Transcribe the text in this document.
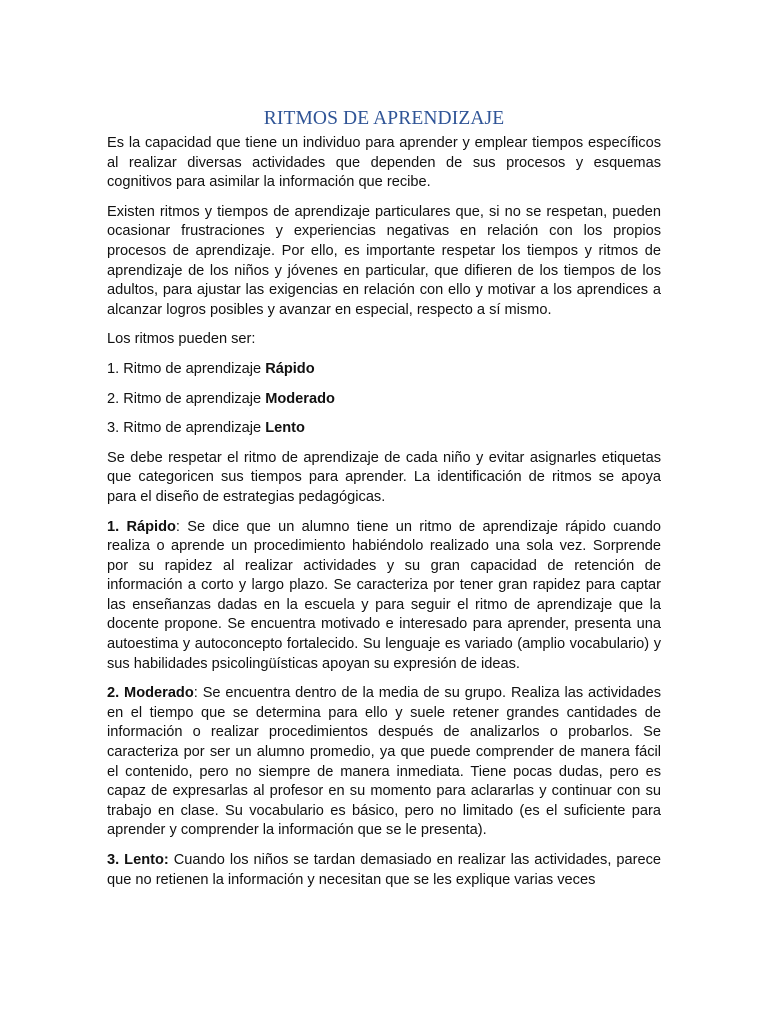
RITMOS DE APRENDIZAJE

Es la capacidad que tiene un individuo para aprender y emplear tiempos específicos al realizar diversas actividades que dependen de sus procesos y esquemas cognitivos para asimilar la información que recibe.

Existen ritmos y tiempos de aprendizaje particulares que, si no se respetan, pueden ocasionar frustraciones y experiencias negativas en relación con los propios procesos de aprendizaje. Por ello, es importante respetar los tiempos y ritmos de aprendizaje de los niños y jóvenes en particular, que difieren de los tiempos de los adultos, para ajustar las exigencias en relación con ello y motivar a los aprendices a alcanzar logros posibles y avanzar en especial, respecto a sí mismo.

Los ritmos pueden ser:

1. Ritmo de aprendizaje Rápido

2. Ritmo de aprendizaje Moderado

3. Ritmo de aprendizaje Lento

Se debe respetar el ritmo de aprendizaje de cada niño y evitar asignarles etiquetas que categoricen sus tiempos para aprender. La identificación de ritmos se apoya para el diseño de estrategias pedagógicas.

1. Rápido: Se dice que un alumno tiene un ritmo de aprendizaje rápido cuando realiza o aprende un procedimiento habiéndolo realizado una sola vez. Sorprende por su rapidez al realizar actividades y su gran capacidad de retención de información a corto y largo plazo. Se caracteriza por tener gran rapidez para captar las enseñanzas dadas en la escuela y para seguir el ritmo de aprendizaje que la docente propone. Se encuentra motivado e interesado para aprender, presenta una autoestima y autoconcepto fortalecido. Su lenguaje es variado (amplio vocabulario) y sus habilidades psicolingüísticas apoyan su expresión de ideas.

2. Moderado: Se encuentra dentro de la media de su grupo. Realiza las actividades en el tiempo que se determina para ello y suele retener grandes cantidades de información o realizar procedimientos después de analizarlos o probarlos. Se caracteriza por ser un alumno promedio, ya que puede comprender de manera fácil el contenido, pero no siempre de manera inmediata. Tiene pocas dudas, pero es capaz de expresarlas al profesor en su momento para aclararlas y continuar con su trabajo en clase. Su vocabulario es básico, pero no limitado (es el suficiente para aprender y comprender la información que se le presenta).

3. Lento: Cuando los niños se tardan demasiado en realizar las actividades, parece que no retienen la información y necesitan que se les explique varias veces
